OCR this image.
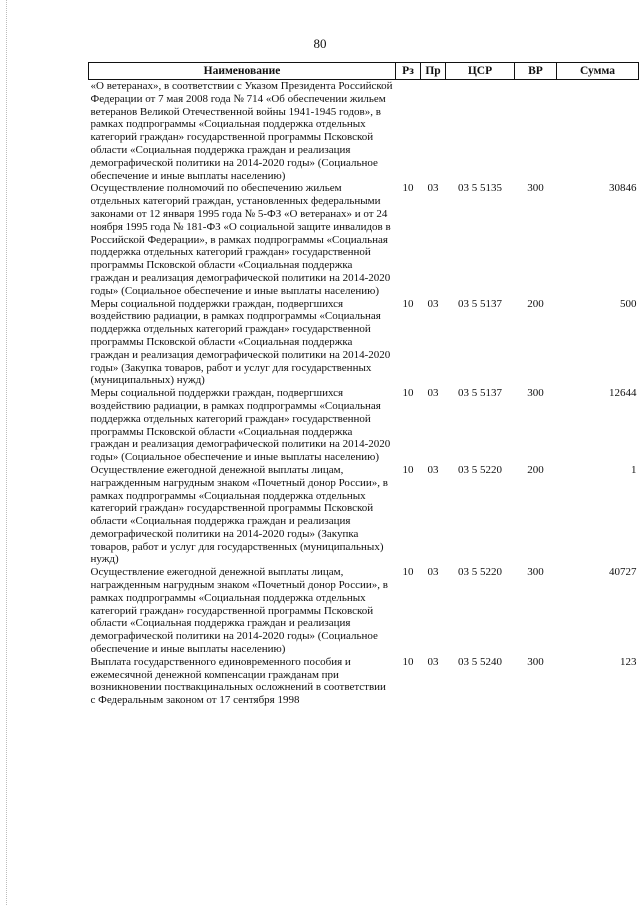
80
Наименование	Рз	Пр	ЦСР	ВР	Сумма
«О ветеранах», в соответствии с Указом Президента Российской Федерации от 7 мая 2008 года № 714 «Об обеспечении жильем ветеранов Великой Отечественной войны 1941-1945 годов», в рамках подпрограммы «Социальная поддержка отдельных категорий граждан» государственной программы Псковской области «Социальная поддержка граждан и реализация демографической политики на 2014-2020 годы» (Социальное обеспечение и иные выплаты населению)					
Осуществление полномочий по обеспечению жильем отдельных категорий граждан, установленных федеральными законами от 12 января 1995 года № 5-ФЗ «О ветеранах» и от 24 ноября 1995 года № 181-ФЗ «О социальной защите инвалидов в Российской Федерации», в рамках подпрограммы «Социальная поддержка отдельных категорий граждан» государственной программы Псковской области «Социальная поддержка граждан и реализация демографической политики на 2014-2020 годы» (Социальное обеспечение и иные выплаты населению)	10	03	03 5 5135	300	30846
Меры социальной поддержки граждан, подвергшихся воздействию радиации, в рамках подпрограммы «Социальная поддержка отдельных категорий граждан» государственной программы Псковской области «Социальная поддержка граждан и реализация демографической политики на 2014-2020 годы» (Закупка товаров, работ и услуг для государственных (муниципальных) нужд)	10	03	03 5 5137	200	500
Меры социальной поддержки граждан, подвергшихся воздействию радиации, в рамках подпрограммы «Социальная поддержка отдельных категорий граждан» государственной программы Псковской области «Социальная поддержка граждан и реализация демографической политики на 2014-2020 годы» (Социальное обеспечение и иные выплаты населению)	10	03	03 5 5137	300	12644
Осуществление ежегодной денежной выплаты лицам, награжденным нагрудным знаком «Почетный донор России», в рамках подпрограммы «Социальная поддержка отдельных категорий граждан» государственной программы Псковской области «Социальная поддержка граждан и реализация демографической политики на 2014-2020 годы» (Закупка товаров, работ и услуг для государственных (муниципальных) нужд)	10	03	03 5 5220	200	1
Осуществление ежегодной денежной выплаты лицам, награжденным нагрудным знаком «Почетный донор России», в рамках подпрограммы «Социальная поддержка отдельных категорий граждан» государственной программы Псковской области «Социальная поддержка граждан и реализация демографической политики на 2014-2020 годы» (Социальное обеспечение и иные выплаты населению)	10	03	03 5 5220	300	40727
Выплата государственного единовременного пособия и ежемесячной денежной компенсации гражданам при возникновении поствакцинальных осложнений в соответствии с Федеральным законом от 17 сентября 1998	10	03	03 5 5240	300	123
